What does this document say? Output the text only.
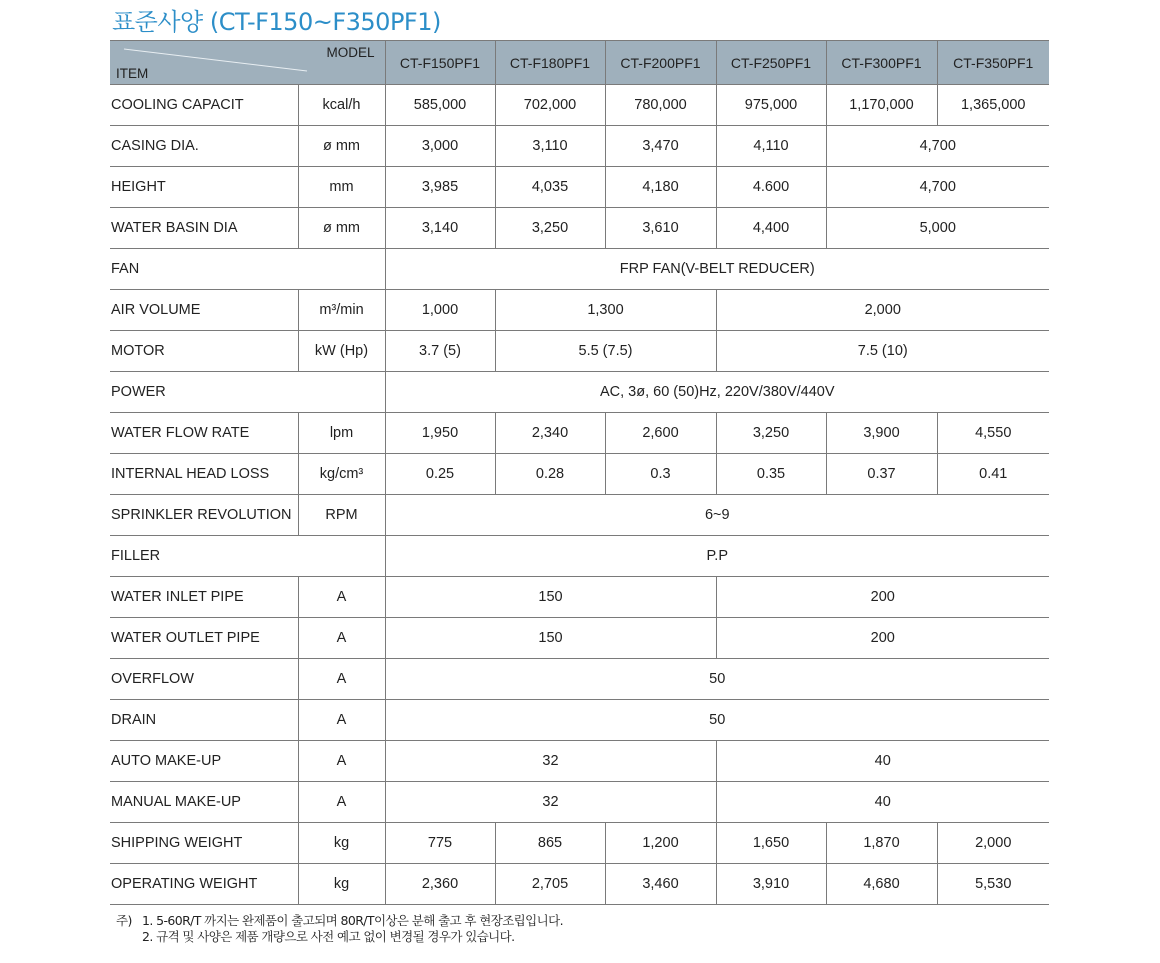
표준사양 (CT-F150~F350PF1)
MODEL
ITEM		CT-F150PF1	CT-F180PF1	CT-F200PF1	CT-F250PF1	CT-F300PF1	CT-F350PF1
COOLING CAPACIT	kcal/h	585,000	702,000	780,000	975,000	1,170,000	1,365,000
CASING DIA.	ø mm	3,000	3,110	3,470	4,110	4,700	
HEIGHT	mm	3,985	4,035	4,180	4.600	4,700	
WATER BASIN DIA	ø mm	3,140	3,250	3,610	4,400	5,000	
FAN		FRP FAN(V-BELT REDUCER)					
AIR VOLUME	m³/min	1,000	1,300		2,000		
MOTOR	kW (Hp)	3.7 (5)	5.5 (7.5)		7.5 (10)		
POWER		AC, 3ø, 60 (50)Hz, 220V/380V/440V					
WATER FLOW RATE	lpm	1,950	2,340	2,600	3,250	3,900	4,550
INTERNAL HEAD LOSS	kg/cm³	0.25	0.28	0.3	0.35	0.37	0.41
SPRINKLER REVOLUTION	RPM	6~9					
FILLER		P.P					
WATER INLET PIPE	A	150			200		
WATER OUTLET PIPE	A	150			200		
OVERFLOW	A	50					
DRAIN	A	50					
AUTO MAKE-UP	A	32			40		
MANUAL MAKE-UP	A	32			40		
SHIPPING WEIGHT	kg	775	865	1,200	1,650	1,870	2,000
OPERATING WEIGHT	kg	2,360	2,705	3,460	3,910	4,680	5,530
주) 1. 5-60R/T 까지는 완제품이 출고되며 80R/T이상은 분해 출고 후 현장조립입니다.
2. 규격 및 사양은 제품 개량으로 사전 예고 없이 변경될 경우가 있습니다.
